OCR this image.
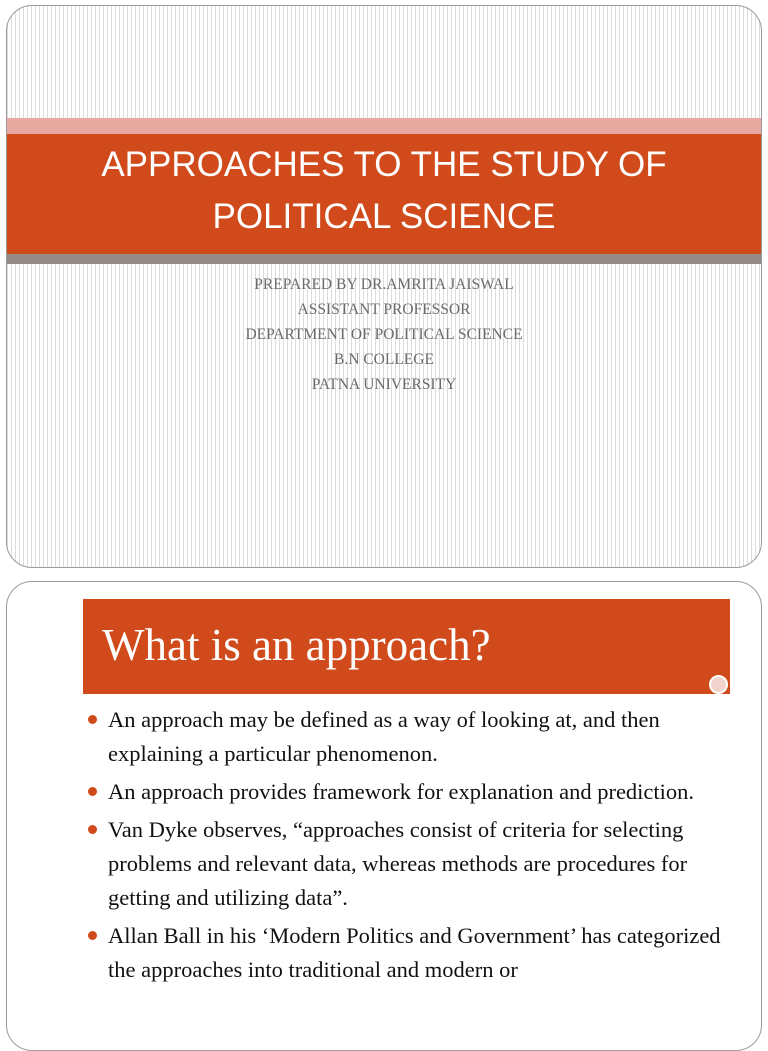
APPROACHES TO THE STUDY OF
POLITICAL SCIENCE
PREPARED BY DR.AMRITA JAISWAL
ASSISTANT PROFESSOR
DEPARTMENT OF POLITICAL SCIENCE
B.N COLLEGE
PATNA UNIVERSITY
What is an approach?
An approach may be defined as a way of looking at, and then explaining a particular phenomenon.
An approach provides framework for explanation and prediction.
Van Dyke observes, “approaches consist of criteria for selecting problems and relevant data, whereas methods are procedures for getting and utilizing data”.
Allan Ball in his ‘Modern Politics and Government’ has categorized the approaches into traditional and modern or
